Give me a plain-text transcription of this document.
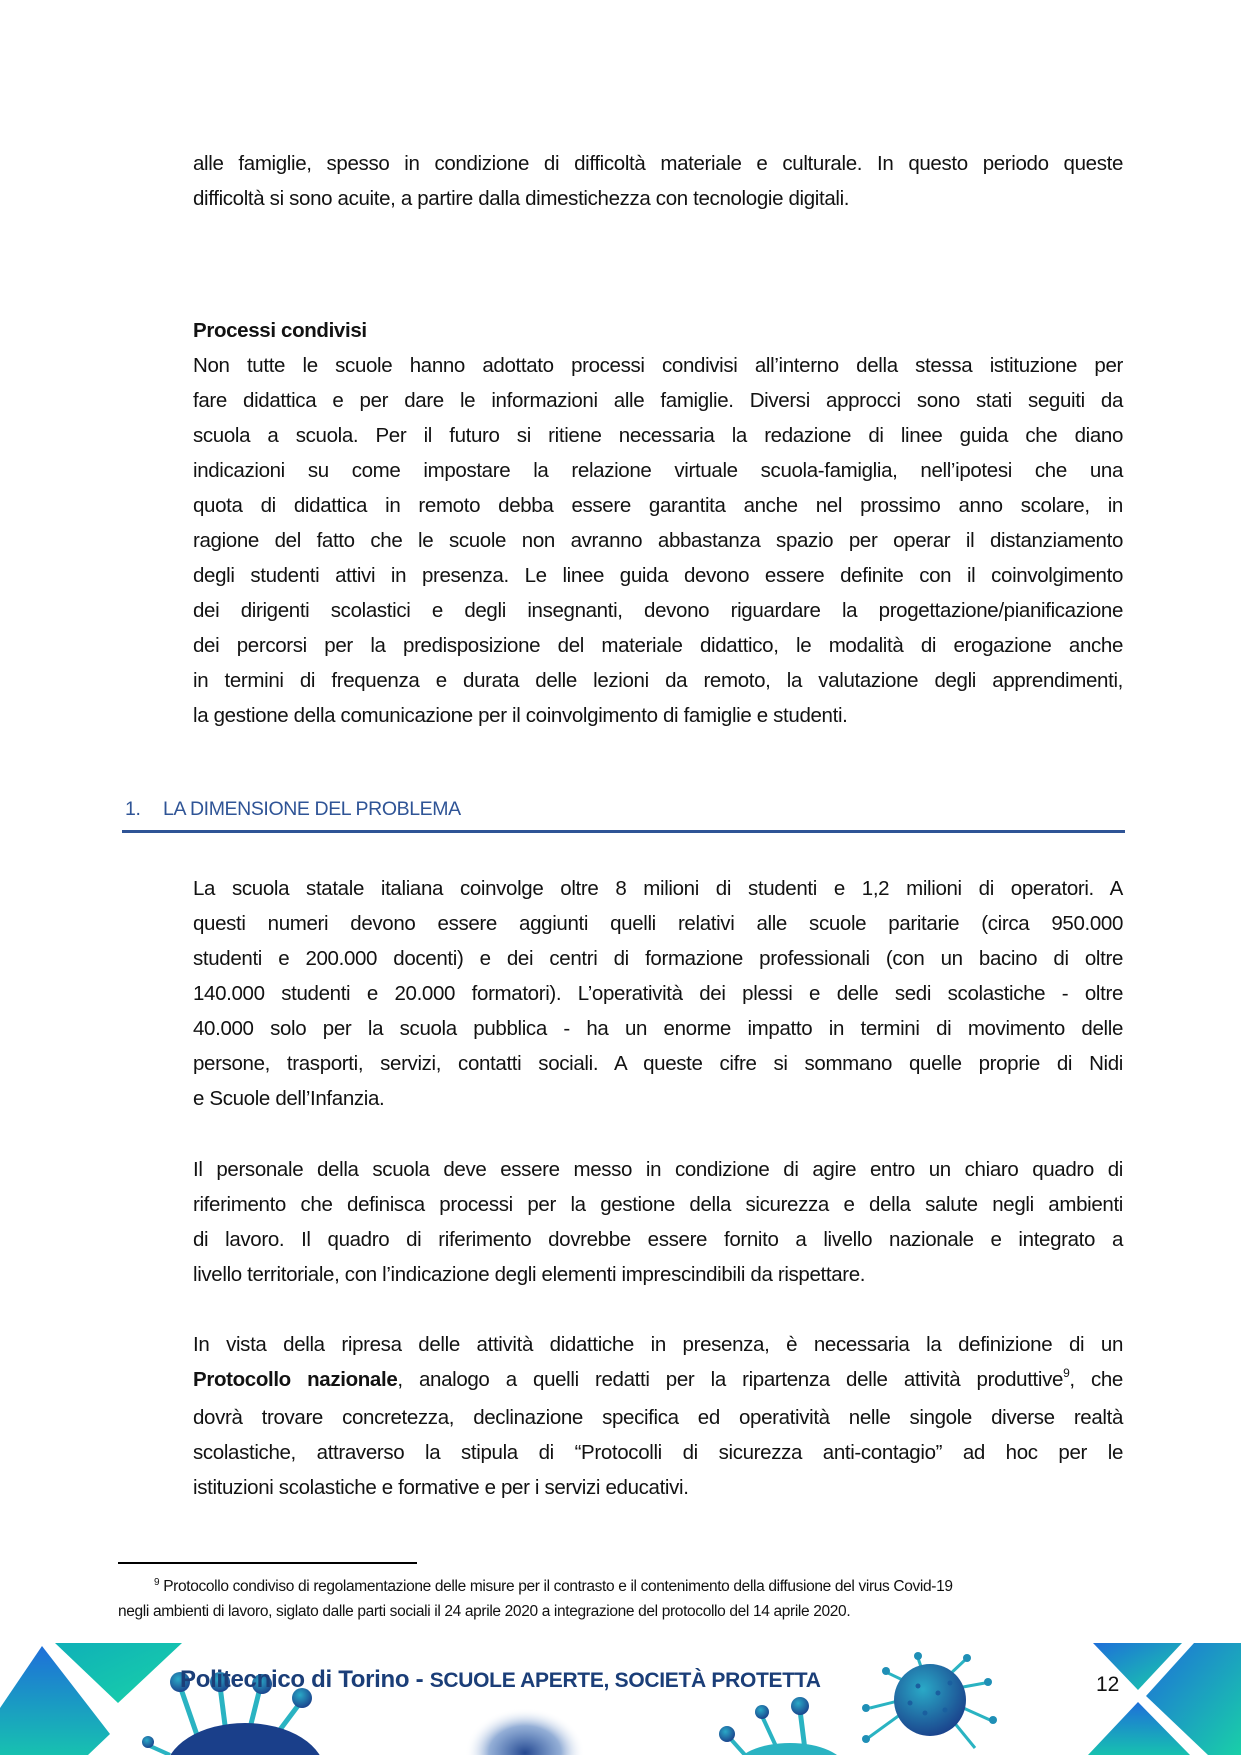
alle famiglie, spesso in condizione di difficoltà materiale e culturale. In questo periodo queste
difficoltà si sono acuite, a partire dalla dimestichezza con tecnologie digitali.
Processi condivisi
Non tutte le scuole hanno adottato processi condivisi all’interno della stessa istituzione per
fare didattica e per dare le informazioni alle famiglie. Diversi approcci sono stati seguiti da
scuola a scuola. Per il futuro si ritiene necessaria la redazione di linee guida che diano
indicazioni su come impostare la relazione virtuale scuola-famiglia, nell’ipotesi che una
quota di didattica in remoto debba essere garantita anche nel prossimo anno scolare, in
ragione del fatto che le scuole non avranno abbastanza spazio per operar il distanziamento
degli studenti attivi in presenza. Le linee guida devono essere definite con il coinvolgimento
dei dirigenti scolastici e degli insegnanti, devono riguardare la progettazione/pianificazione
dei percorsi per la predisposizione del materiale didattico, le modalità di erogazione anche
in termini di frequenza e durata delle lezioni da remoto, la valutazione degli apprendimenti,
la gestione della comunicazione per il coinvolgimento di famiglie e studenti.
1. LA DIMENSIONE DEL PROBLEMA
La scuola statale italiana coinvolge oltre 8 milioni di studenti e 1,2 milioni di operatori. A
questi numeri devono essere aggiunti quelli relativi alle scuole paritarie (circa 950.000
studenti e 200.000 docenti) e dei centri di formazione professionali (con un bacino di oltre
140.000 studenti e 20.000 formatori). L’operatività dei plessi e delle sedi scolastiche - oltre
40.000 solo per la scuola pubblica - ha un enorme impatto in termini di movimento delle
persone, trasporti, servizi, contatti sociali. A queste cifre si sommano quelle proprie di Nidi
e Scuole dell’Infanzia.
Il personale della scuola deve essere messo in condizione di agire entro un chiaro quadro di
riferimento che definisca processi per la gestione della sicurezza e della salute negli ambienti
di lavoro. Il quadro di riferimento dovrebbe essere fornito a livello nazionale e integrato a
livello territoriale, con l’indicazione degli elementi imprescindibili da rispettare.
In vista della ripresa delle attività didattiche in presenza, è necessaria la definizione di un
Protocollo nazionale, analogo a quelli redatti per la ripartenza delle attività produttive$^9$, che
dovrà trovare concretezza, declinazione specifica ed operatività nelle singole diverse realtà
scolastiche, attraverso la stipula di “Protocolli di sicurezza anti-contagio” ad hoc per le
istituzioni scolastiche e formative e per i servizi educativi.
$^9$ Protocollo condiviso di regolamentazione delle misure per il contrasto e il contenimento della diffusione del virus Covid-19
negli ambienti di lavoro, siglato dalle parti sociali il 24 aprile 2020 a integrazione del protocollo del 14 aprile 2020.
Politecnico di Torino - SCUOLE APERTE, SOCIETÀ PROTETTA	12
